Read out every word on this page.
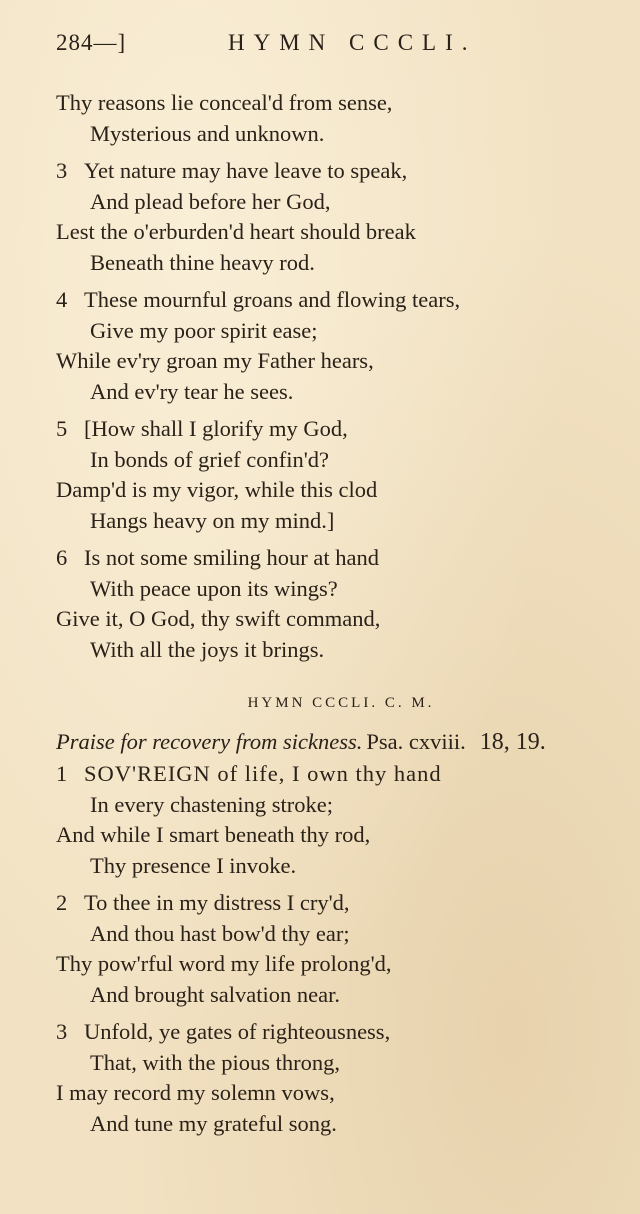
284—]	HYMN CCCLI.
Thy reasons lie conceal'd from sense,
Mysterious and unknown.
3 Yet nature may have leave to speak,
And plead before her God,
Lest the o'erburden'd heart should break
Beneath thine heavy rod.
4 These mournful groans and flowing tears,
Give my poor spirit ease;
While ev'ry groan my Father hears,
And ev'ry tear he sees.
5 [How shall I glorify my God,
In bonds of grief confin'd?
Damp'd is my vigor, while this clod
Hangs heavy on my mind.]
6 Is not some smiling hour at hand
With peace upon its wings?
Give it, O God, thy swift command,
With all the joys it brings.
HYMN CCCLI. C. M.
Praise for recovery from sickness. Psa. cxviii. 18, 19.
1 SOV'REIGN of life, I own thy hand
In every chastening stroke;
And while I smart beneath thy rod,
Thy presence I invoke.
2 To thee in my distress I cry'd,
And thou hast bow'd thy ear;
Thy pow'rful word my life prolong'd,
And brought salvation near.
3 Unfold, ye gates of righteousness,
That, with the pious throng,
I may record my solemn vows,
And tune my grateful song.
